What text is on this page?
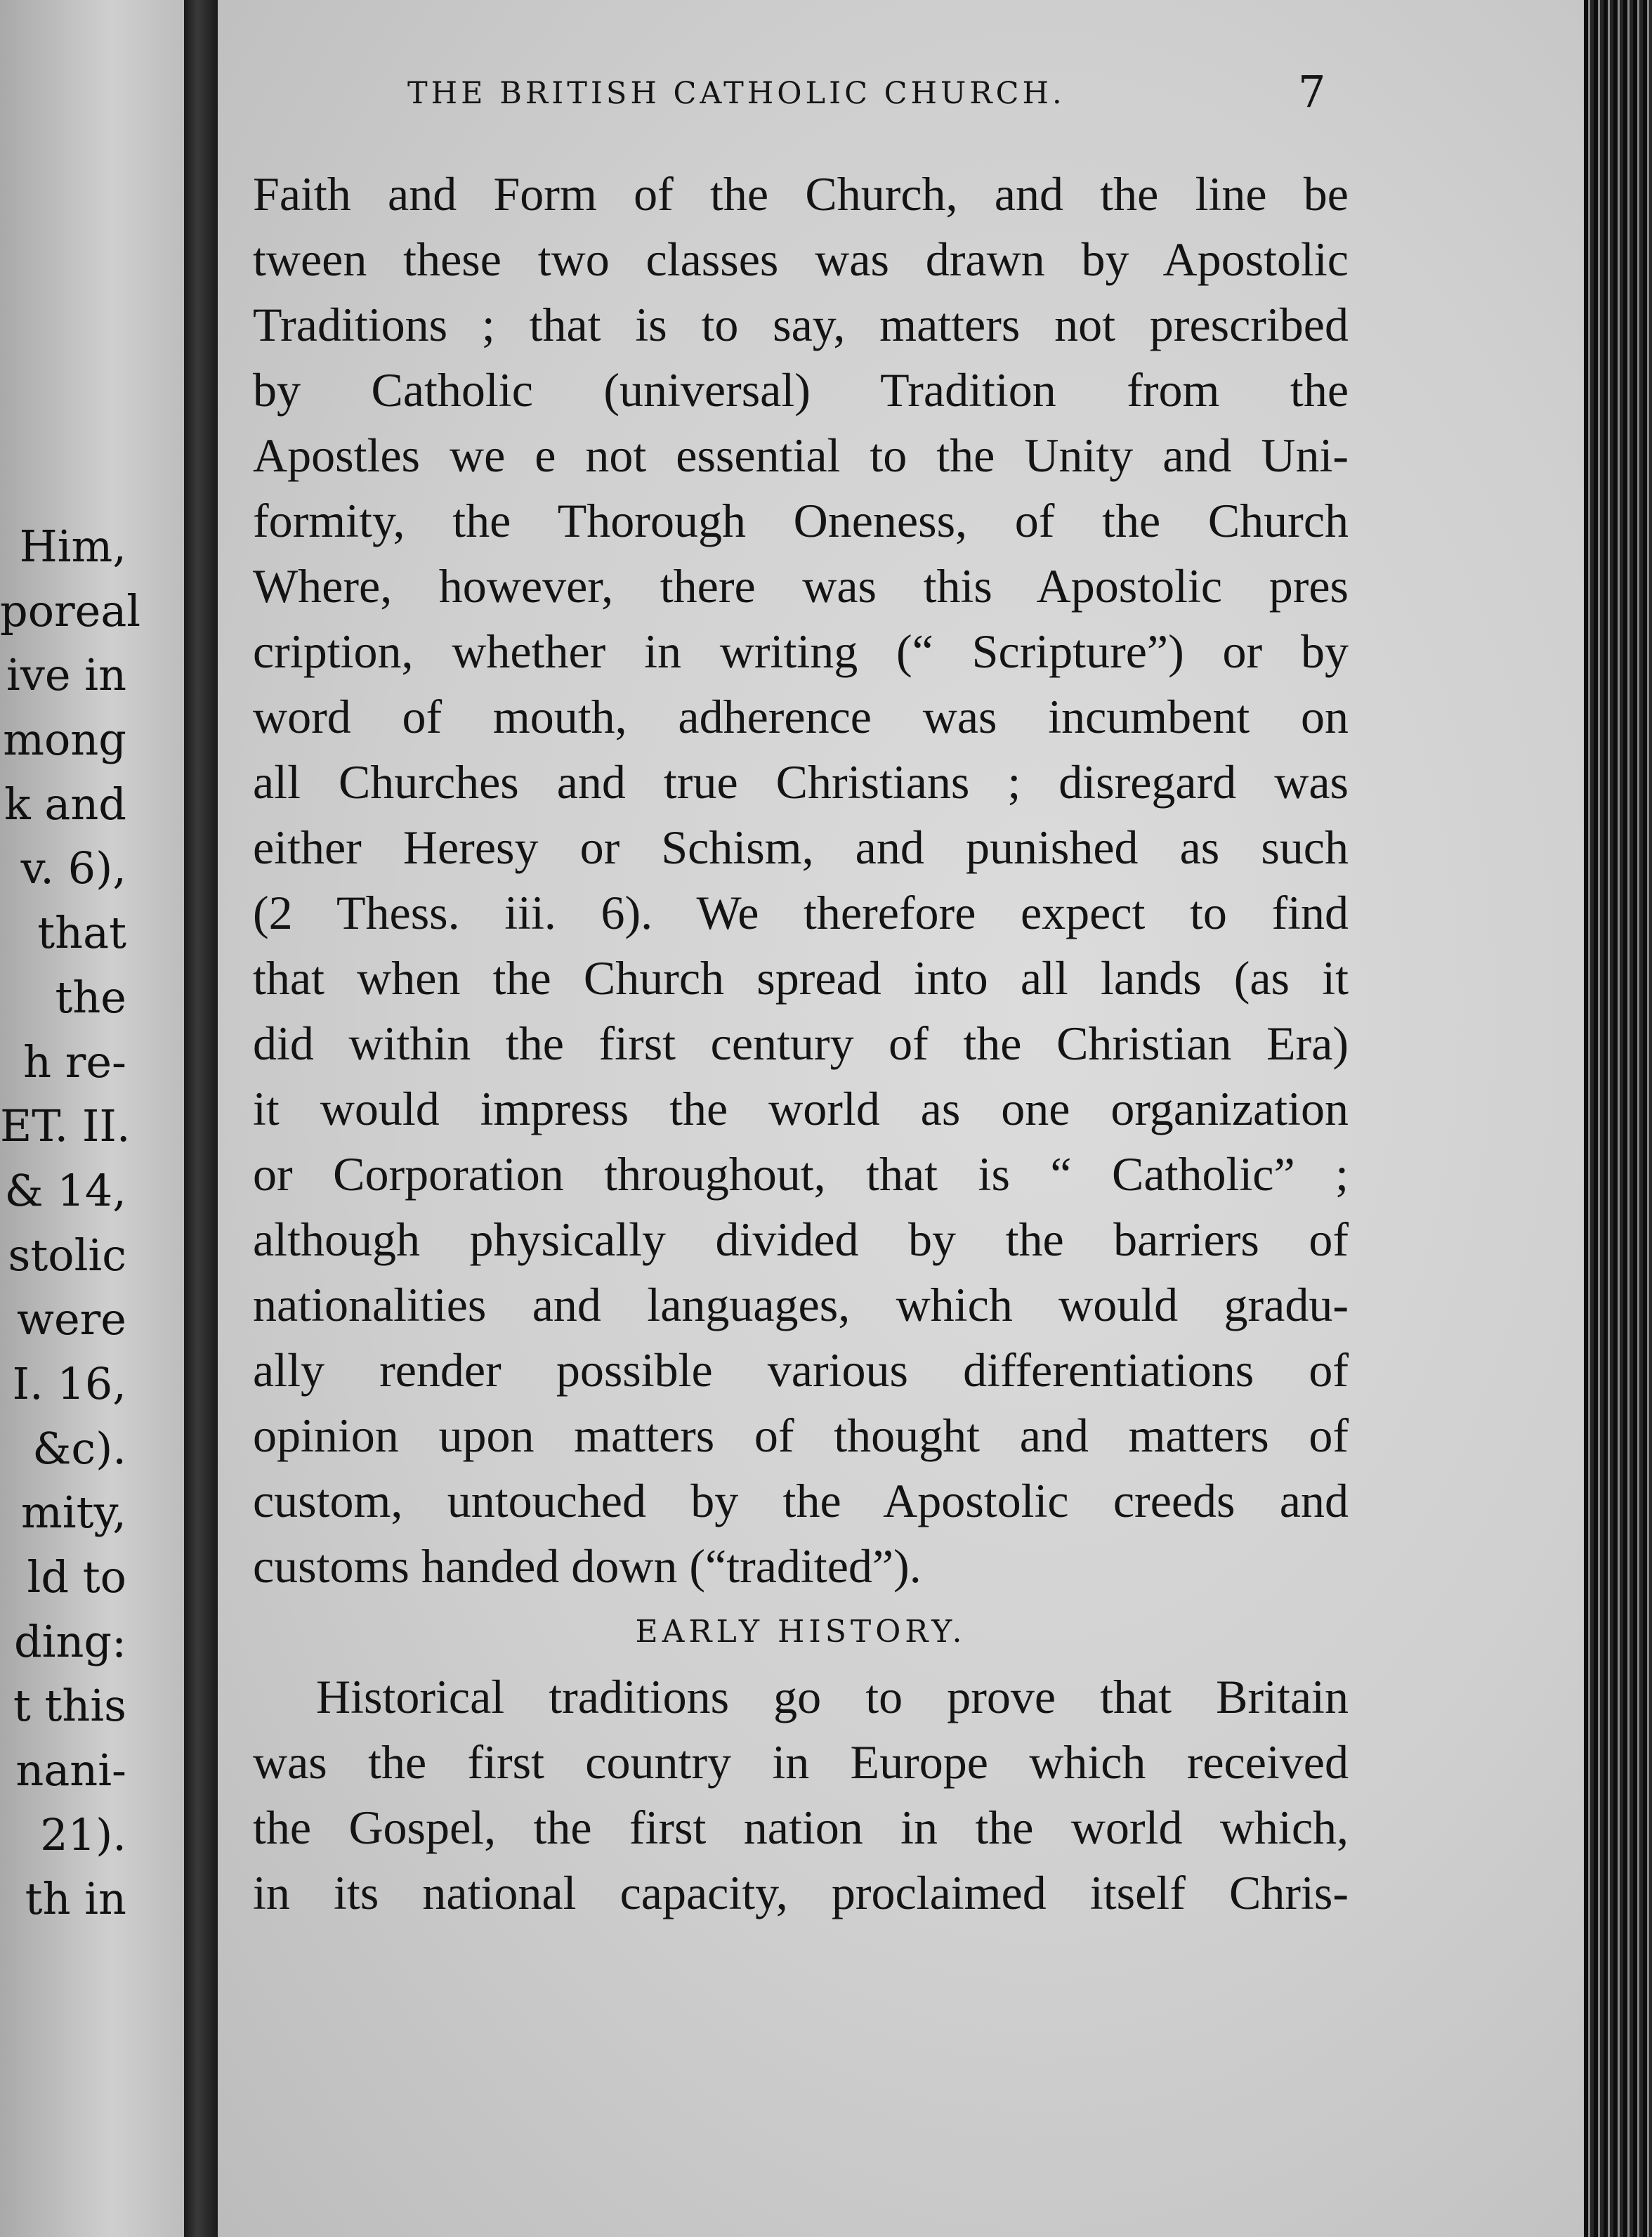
Him,
poreal
ive in
mong
k and
v. 6),
that
the
h re-
ET. II.
& 14,
stolic
were
I. 16,
&c).
mity,
ld to
ding:
t this
nani-
21).
th in
THE BRITISH CATHOLIC CHURCH.	7
Faith and Form of the Church, and the line be
tween these two classes was drawn by Apostolic
Traditions ; that is to say, matters not prescribed
by Catholic (universal) Tradition from the
Apostles we e not essential to the Unity and Uni-
formity, the Thorough Oneness, of the Church
Where, however, there was this Apostolic pres
cription, whether in writing (“ Scripture”) or by
word of mouth, adherence was incumbent on
all Churches and true Christians ; disregard was
either Heresy or Schism, and punished as such
(2 Thess. iii. 6). We therefore expect to find
that when the Church spread into all lands (as it
did within the first century of the Christian Era)
it would impress the world as one organization
or Corporation throughout, that is “ Catholic” ;
although physically divided by the barriers of
nationalities and languages, which would gradu-
ally render possible various differentiations of
opinion upon matters of thought and matters of
custom, untouched by the Apostolic creeds and
customs handed down (“tradited”).
EARLY HISTORY.
Historical traditions go to prove that Britain
was the first country in Europe which received
the Gospel, the first nation in the world which,
in its national capacity, proclaimed itself Chris-
